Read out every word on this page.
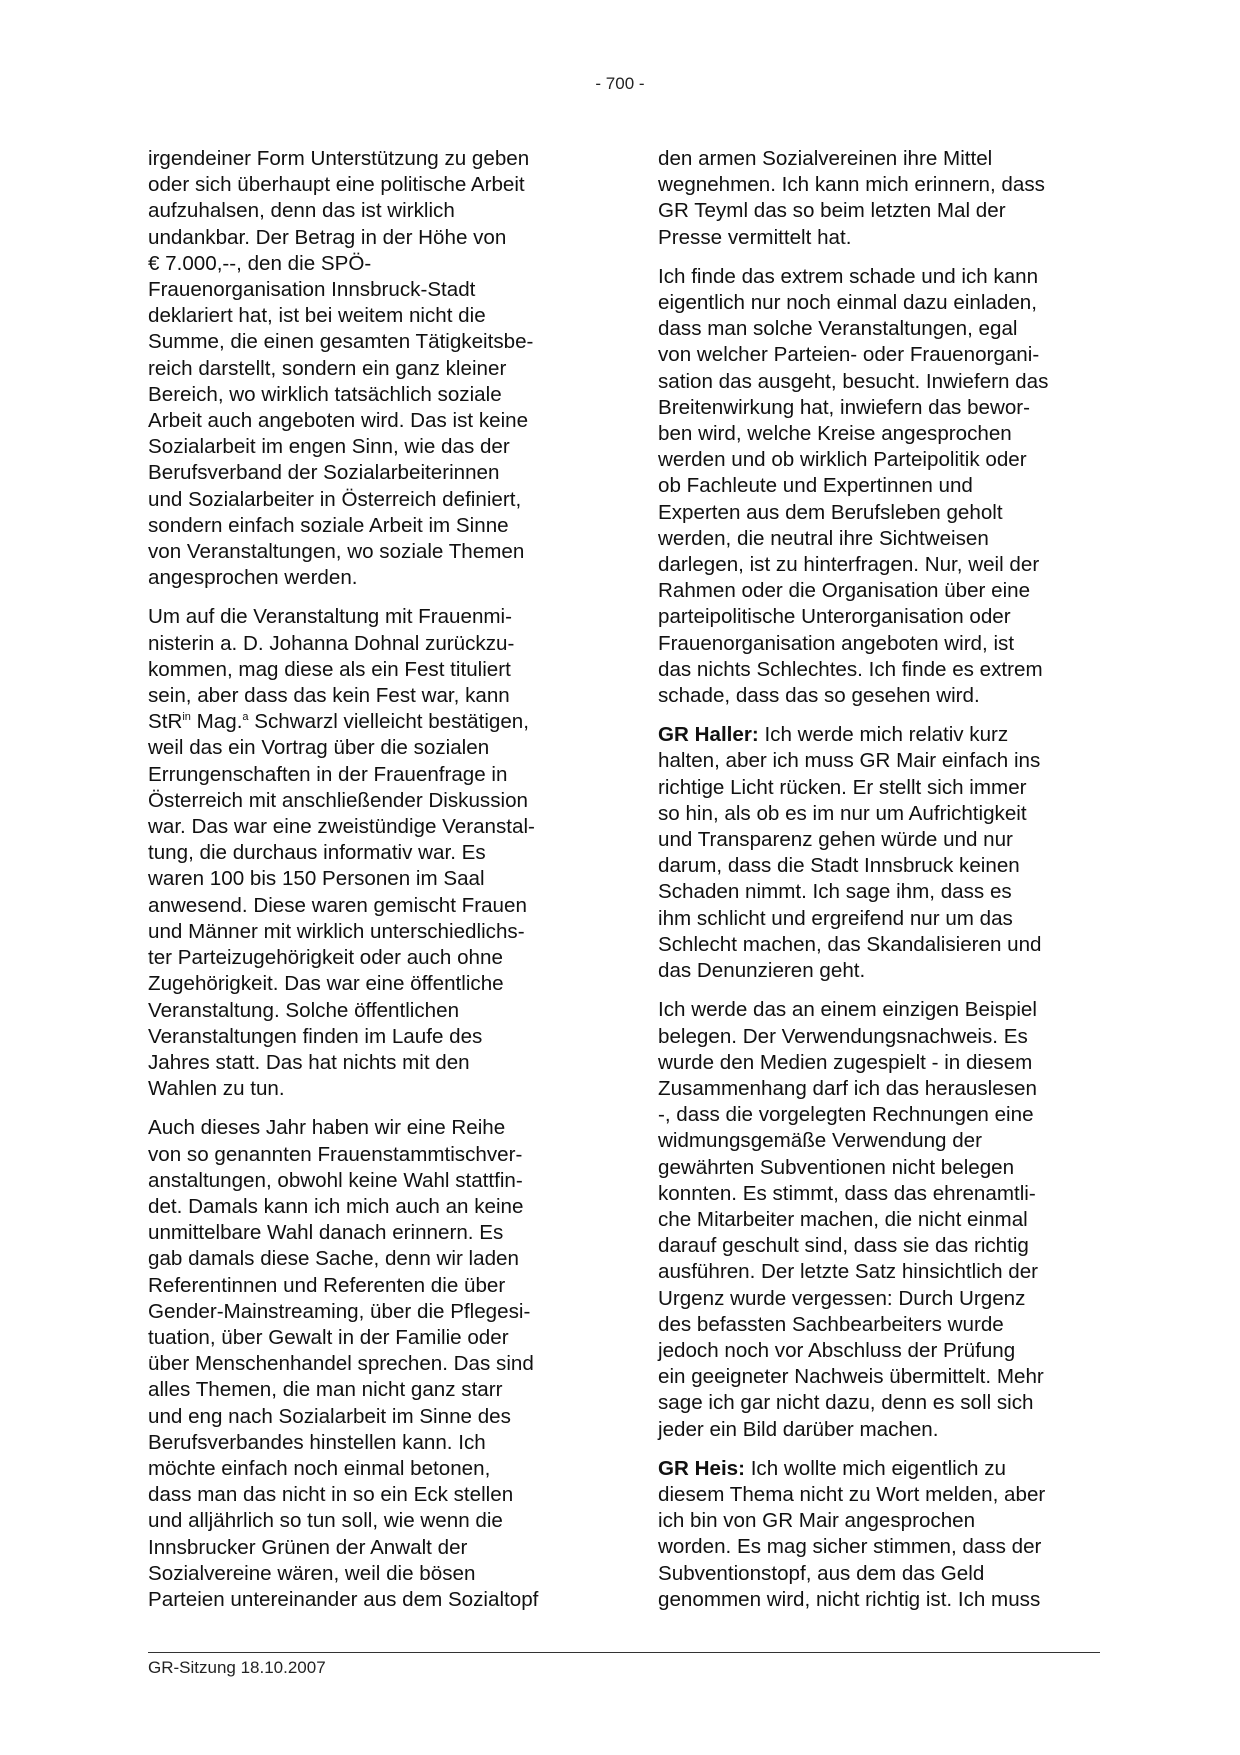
- 700 -

irgendeiner Form Unterstützung zu geben
oder sich überhaupt eine politische Arbeit
aufzuhalsen, denn das ist wirklich
undankbar. Der Betrag in der Höhe von
€ 7.000,--, den die SPÖ-
Frauenorganisation Innsbruck-Stadt
deklariert hat, ist bei weitem nicht die
Summe, die einen gesamten Tätigkeitsbe-
reich darstellt, sondern ein ganz kleiner
Bereich, wo wirklich tatsächlich soziale
Arbeit auch angeboten wird. Das ist keine
Sozialarbeit im engen Sinn, wie das der
Berufsverband der Sozialarbeiterinnen
und Sozialarbeiter in Österreich definiert,
sondern einfach soziale Arbeit im Sinne
von Veranstaltungen, wo soziale Themen
angesprochen werden.

Um auf die Veranstaltung mit Frauenmi-
nisterin a. D. Johanna Dohnal zurückzu-
kommen, mag diese als ein Fest tituliert
sein, aber dass das kein Fest war, kann
StR$^{in}$ Mag.$^a$ Schwarzl vielleicht bestätigen,
weil das ein Vortrag über die sozialen
Errungenschaften in der Frauenfrage in
Österreich mit anschließender Diskussion
war. Das war eine zweistündige Veranstal-
tung, die durchaus informativ war. Es
waren 100 bis 150 Personen im Saal
anwesend. Diese waren gemischt Frauen
und Männer mit wirklich unterschiedlichs-
ter Parteizugehörigkeit oder auch ohne
Zugehörigkeit. Das war eine öffentliche
Veranstaltung. Solche öffentlichen
Veranstaltungen finden im Laufe des
Jahres statt. Das hat nichts mit den
Wahlen zu tun.

Auch dieses Jahr haben wir eine Reihe
von so genannten Frauenstammtischver-
anstaltungen, obwohl keine Wahl stattfin-
det. Damals kann ich mich auch an keine
unmittelbare Wahl danach erinnern. Es
gab damals diese Sache, denn wir laden
Referentinnen und Referenten die über
Gender-Mainstreaming, über die Pflegesi-
tuation, über Gewalt in der Familie oder
über Menschenhandel sprechen. Das sind
alles Themen, die man nicht ganz starr
und eng nach Sozialarbeit im Sinne des
Berufsverbandes hinstellen kann. Ich
möchte einfach noch einmal betonen,
dass man das nicht in so ein Eck stellen
und alljährlich so tun soll, wie wenn die
Innsbrucker Grünen der Anwalt der
Sozialvereine wären, weil die bösen
Parteien untereinander aus dem Sozialtopf

den armen Sozialvereinen ihre Mittel
wegnehmen. Ich kann mich erinnern, dass
GR Teyml das so beim letzten Mal der
Presse vermittelt hat.

Ich finde das extrem schade und ich kann
eigentlich nur noch einmal dazu einladen,
dass man solche Veranstaltungen, egal
von welcher Parteien- oder Frauenorgani-
sation das ausgeht, besucht. Inwiefern das
Breitenwirkung hat, inwiefern das bewor-
ben wird, welche Kreise angesprochen
werden und ob wirklich Parteipolitik oder
ob Fachleute und Expertinnen und
Experten aus dem Berufsleben geholt
werden, die neutral ihre Sichtweisen
darlegen, ist zu hinterfragen. Nur, weil der
Rahmen oder die Organisation über eine
parteipolitische Unterorganisation oder
Frauenorganisation angeboten wird, ist
das nichts Schlechtes. Ich finde es extrem
schade, dass das so gesehen wird.

GR Haller: Ich werde mich relativ kurz
halten, aber ich muss GR Mair einfach ins
richtige Licht rücken. Er stellt sich immer
so hin, als ob es im nur um Aufrichtigkeit
und Transparenz gehen würde und nur
darum, dass die Stadt Innsbruck keinen
Schaden nimmt. Ich sage ihm, dass es
ihm schlicht und ergreifend nur um das
Schlecht machen, das Skandalisieren und
das Denunzieren geht.

Ich werde das an einem einzigen Beispiel
belegen. Der Verwendungsnachweis. Es
wurde den Medien zugespielt - in diesem
Zusammenhang darf ich das herauslesen
-, dass die vorgelegten Rechnungen eine
widmungsgemäße Verwendung der
gewährten Subventionen nicht belegen
konnten. Es stimmt, dass das ehrenamtli-
che Mitarbeiter machen, die nicht einmal
darauf geschult sind, dass sie das richtig
ausführen. Der letzte Satz hinsichtlich der
Urgenz wurde vergessen: Durch Urgenz
des befassten Sachbearbeiters wurde
jedoch noch vor Abschluss der Prüfung
ein geeigneter Nachweis übermittelt. Mehr
sage ich gar nicht dazu, denn es soll sich
jeder ein Bild darüber machen.

GR Heis: Ich wollte mich eigentlich zu
diesem Thema nicht zu Wort melden, aber
ich bin von GR Mair angesprochen
worden. Es mag sicher stimmen, dass der
Subventionstopf, aus dem das Geld
genommen wird, nicht richtig ist. Ich muss

GR-Sitzung 18.10.2007
